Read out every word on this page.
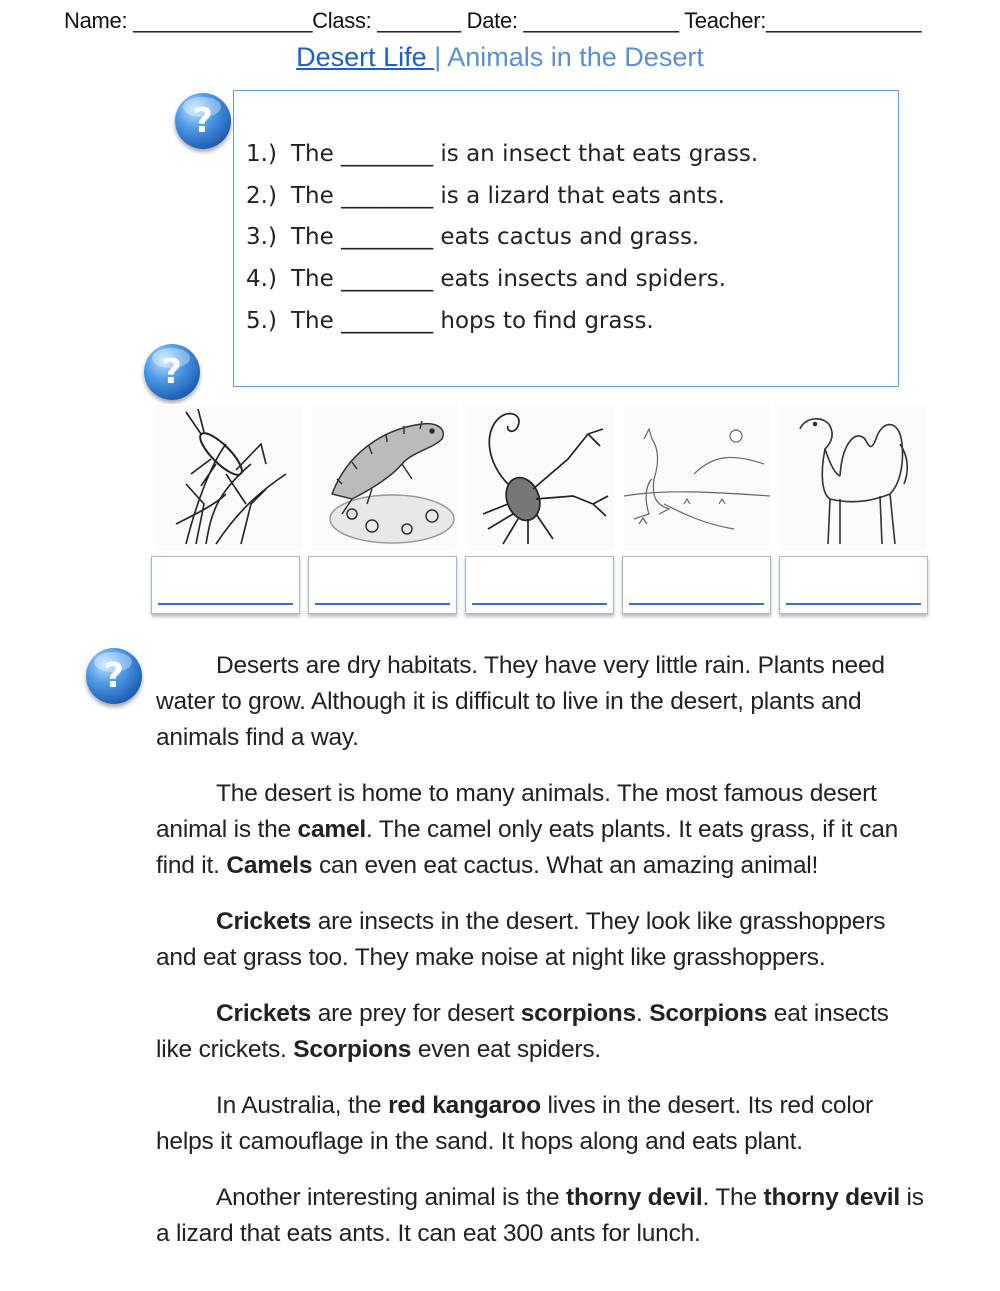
Name: _______________Class: _______ Date: _____________ Teacher:_____________
Desert Life | Animals in the Desert
?
1.) The ________ is an insect that eats grass.
2.) The ________ is a lizard that eats ants.
3.) The ________ eats cactus and grass.
4.) The ________ eats insects and spiders.
5.) The ________ hops to find grass.
?
?	Deserts are dry habitats. They have very little rain. Plants need water to grow. Although it is difficult to live in the desert, plants and animals find a way.

The desert is home to many animals. The most famous desert animal is the camel. The camel only eats plants. It eats grass, if it can find it. Camels can even eat cactus. What an amazing animal!

Crickets are insects in the desert. They look like grasshoppers and eat grass too. They make noise at night like grasshoppers.

Crickets are prey for desert scorpions. Scorpions eat insects like crickets. Scorpions even eat spiders.

In Australia, the red kangaroo lives in the desert. Its red color helps it camouflage in the sand. It hops along and eats plant.

Another interesting animal is the thorny devil. The thorny devil is a lizard that eats ants. It can eat 300 ants for lunch.
